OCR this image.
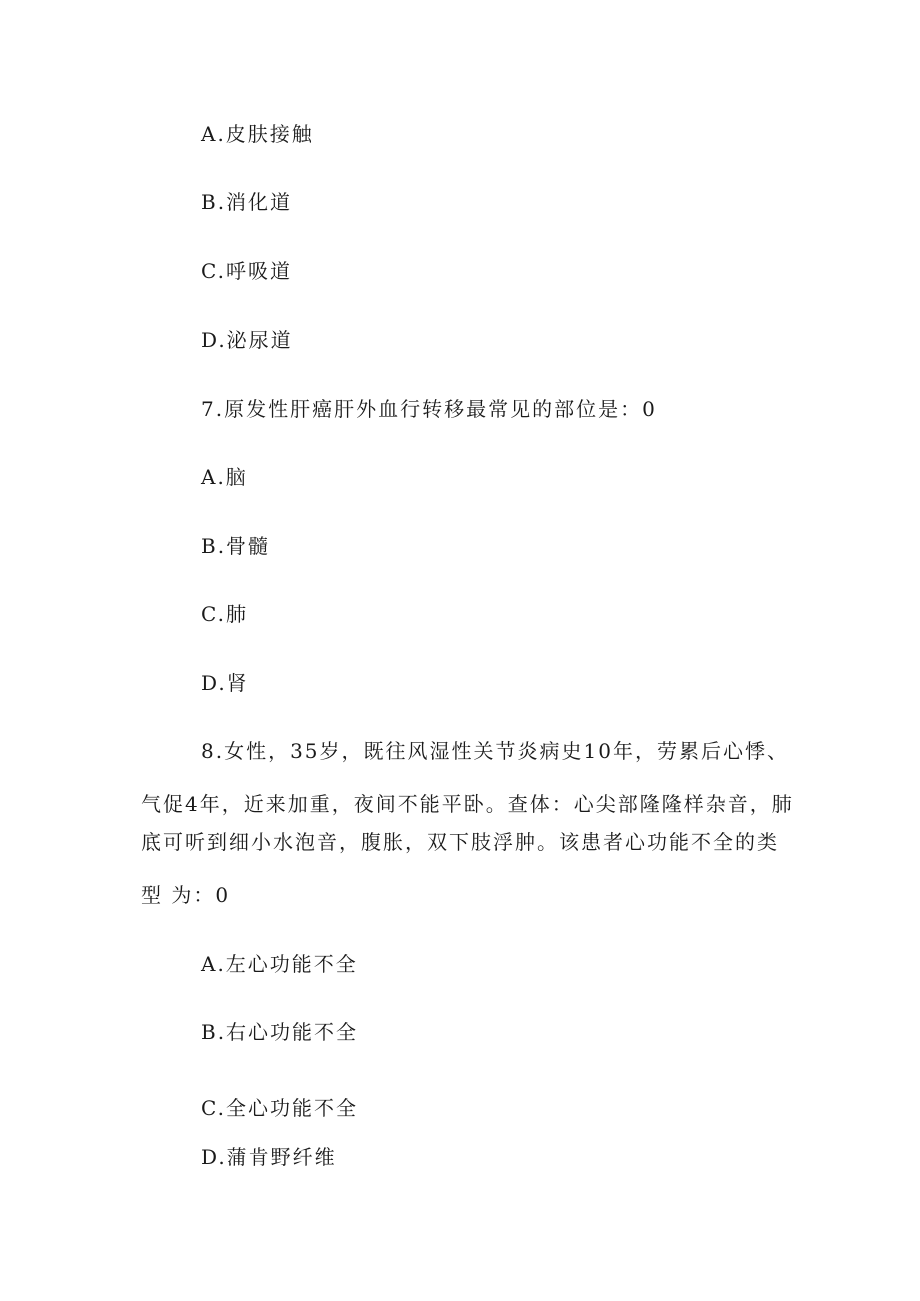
A.皮肤接触
B.消化道
C.呼吸道
D.泌尿道
7.原发性肝癌肝外血行转移最常见的部位是：0
A.脑
B.骨髓
C.肺
D.肾
8.女性，35岁，既往风湿性关节炎病史10年，劳累后心悸、
气促4年，近来加重，夜间不能平卧。查体：心尖部隆隆样杂音，肺
底可听到细小水泡音，腹胀，双下肢浮肿。该患者心功能不全的类
型 为：0
A.左心功能不全
B.右心功能不全
C.全心功能不全
D.蒲肯野纤维
